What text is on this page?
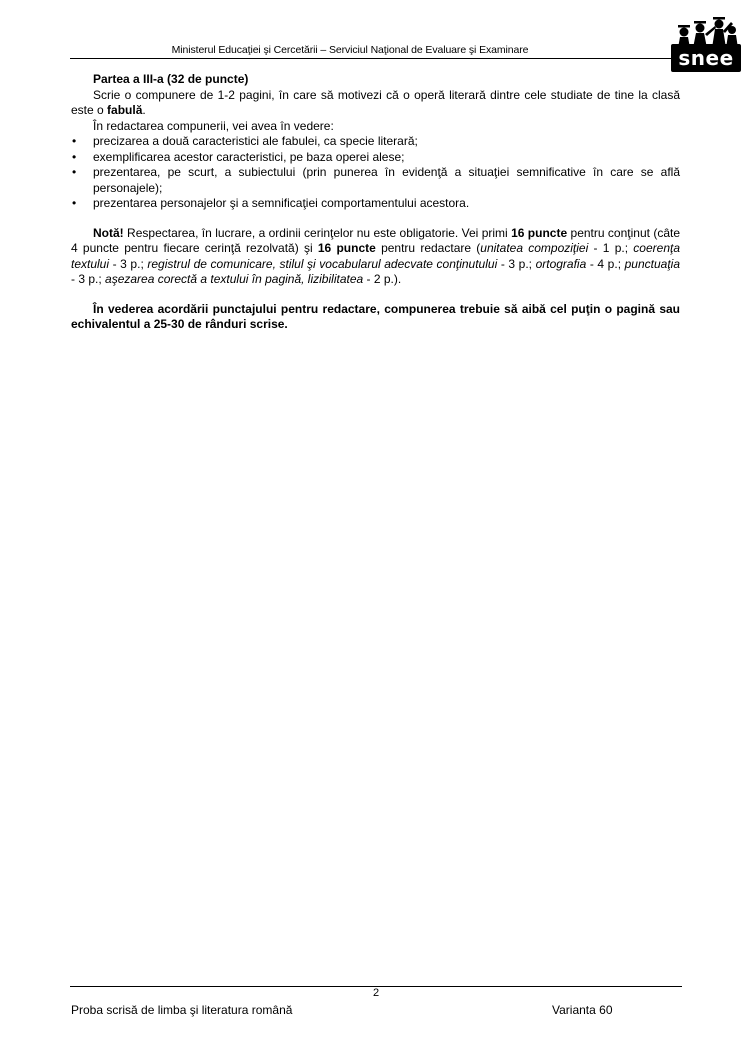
Ministerul Educaţiei şi Cercetării – Serviciul Naţional de Evaluare şi Examinare	snee

Partea a III-a (32 de puncte)

Scrie o compunere de 1-2 pagini, în care să motivezi că o operă literară dintre cele studiate de tine la clasă este o fabulă.

În redactarea compunerii, vei avea în vedere:

• precizarea a două caracteristici ale fabulei, ca specie literară;
• exemplificarea acestor caracteristici, pe baza operei alese;
• prezentarea, pe scurt, a subiectului (prin punerea în evidenţă a situaţiei semnificative în care se află personajele);
• prezentarea personajelor şi a semnificaţiei comportamentului acestora.

Notă! Respectarea, în lucrare, a ordinii cerinţelor nu este obligatorie. Vei primi 16 puncte pentru conţinut (câte 4 puncte pentru fiecare cerinţă rezolvată) şi 16 puncte pentru redactare (unitatea compoziţiei - 1 p.; coerenţa textului - 3 p.; registrul de comunicare, stilul şi vocabularul adecvate conţinutului - 3 p.; ortografia - 4 p.; punctuaţia - 3 p.; aşezarea corectă a textului în pagină, lizibilitatea - 2 p.).

În vederea acordării punctajului pentru redactare, compunerea trebuie să aibă cel puţin o pagină sau echivalentul a 25-30 de rânduri scrise.

2
Proba scrisă de limba şi literatura română	Varianta 60
